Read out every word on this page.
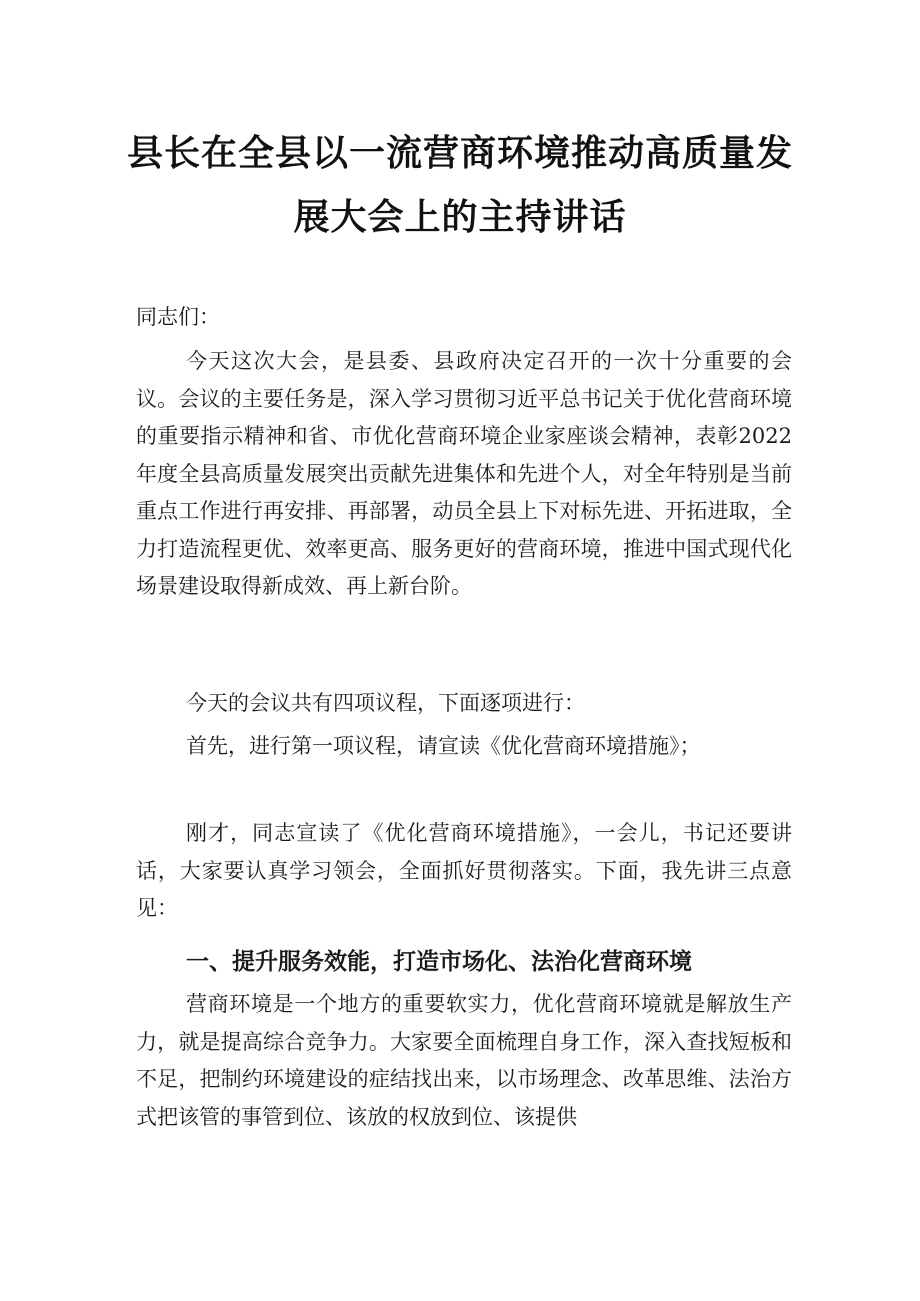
县长在全县以一流营商环境推动高质量发
展大会上的主持讲话

同志们：

今天这次大会，是县委、县政府决定召开的一次十分重要的会议。会议的主要任务是，深入学习贯彻习近平总书记关于优化营商环境的重要指示精神和省、市优化营商环境企业家座谈会精神，表彰2022年度全县高质量发展突出贡献先进集体和先进个人，对全年特别是当前重点工作进行再安排、再部署，动员全县上下对标先进、开拓进取，全力打造流程更优、效率更高、服务更好的营商环境，推进中国式现代化场景建设取得新成效、再上新台阶。

今天的会议共有四项议程，下面逐项进行：

首先，进行第一项议程，请宣读《优化营商环境措施》；

刚才，同志宣读了《优化营商环境措施》，一会儿，书记还要讲话，大家要认真学习领会，全面抓好贯彻落实。下面，我先讲三点意见：

一、提升服务效能，打造市场化、法治化营商环境

营商环境是一个地方的重要软实力，优化营商环境就是解放生产力，就是提高综合竞争力。大家要全面梳理自身工作，深入查找短板和不足，把制约环境建设的症结找出来，以市场理念、改革思维、法治方式把该管的事管到位、该放的权放到位、该提供
